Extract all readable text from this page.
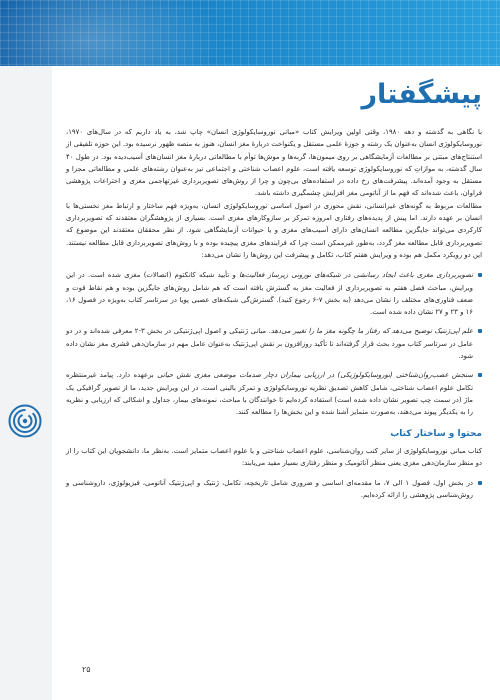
پیشگفتار

با نگاهی به گذشته و دهه ۱۹۸۰، وقتی اولین ویرایش کتاب «مبانی نوروسایکولوژی انسان» چاپ شد، به یاد داریم که در سال‌های ۱۹۷۰، نوروسایکولوژی انسان به‌عنوان یک رشته و حوزهٔ علمی مستقل و یکنواخت دربارهٔ مغز انسان، هنوز به منصه ظهور نرسیده بود. این حوزه تلفیقی از استنتاج‌های مبتنی بر مطالعات آزمایشگاهی بر روی میمون‌ها، گربه‌ها و موش‌ها توأم با مطالعاتی دربارهٔ مغز انسان‌های آسیب‌دیده بود. در طول ۴۰ سال گذشته، به موازاتِ که نوروسایکولوژی توسعه یافته است، علوم اعصاب شناختی و اجتماعی نیز به‌عنوان رشته‌های علمی و مطالعاتی مجزا و مستقل به وجود آمده‌اند. پیشرفت‌های رخ داده در استفاده‌های بی‌چون و چرا از روش‌های تصویربرداری غیرتهاجمی مغزی و اختراعات پژوهشی فراوان، باعث شده‌اند که فهم ما از آناتومی مغز افزایش چشمگیری داشته باشد.

مطالعات مربوط به گونه‌های غیرانسانی، نقش محوری در اصول اساسی نوروسایکولوژی انسان، به‌ویژه فهم ساختار و ارتباط مغز نخستی‌ها با انسان بر عهده دارند. اما پیش از پدیده‌های رفتاری امروزه تمرکز بر سازوکارهای مغزی است. بسیاری از پژوهشگران معتقدند که تصویربرداری کارکردی می‌تواند جایگزین مطالعه انسان‌های دارای آسیب‌های مغزی و یا حیوانات آزمایشگاهی شود. از نظر محققان معتقدند این موضوع که تصویربرداری قابل مطالعه مغز گردد، به‌طور غیرممکن است چرا که فرایندهای مغزی پیچیده بوده و با روش‌های تصویربرداری قابل مطالعه نیستند. این دو رویکرد مکمل هم بوده و ویرایش هفتم کتاب، تکامل و پیشرفت این روش‌ها را نشان می‌دهد:

تصویربرداری مغزی باعث ایجاد رسانشی در شبکه‌های نورونی زیرساز فعالیت‌ها و تأیید شبکه کانکتوم (اتصالات) مغزی شده است. در این ویرایش، مباحث فصل هفتم به تصویربرداری از فعالیت مغز به گسترش یافته است که هم شامل روش‌های جایگزین بوده و هم نقاط قوت و ضعف فناوری‌های مختلف را نشان می‌دهد (به بخش ۷-۶ رجوع کنید). گسترش‌گی شبکه‌های عصبی پویا در سرتاسر کتاب به‌ویژه در فصول ۱۶، ۱۶ و ۲۳ و ۲۷ نشان داده شده است.
علم اپی‌ژنتیک توضیح می‌دهد که رفتار ما چگونه مغز ما را تغییر می‌دهد. مبانی ژنتیکی و اصول اپی‌ژنتیکی در بخش ۳-۲ معرفی شده‌اند و در دو عامل در سرتاسر کتاب مورد بحث قرار گرفته‌اند تا تأکید روزافزون بر نقش اپی‌ژنتیک به‌عنوان عامل مهم در سازمان‌دهی قشری مغز نشان داده شود.
سنجش عصب‌روان‌شناختی (نوروسایکولوژیکی) در ارزیابی بیماران دچار صدمات موضعی مغزی نقش حیاتی برعهده دارد. پیامد غیرمنتظره تکامل علوم اعصاب شناختی، شامل کاهش تصدیق نظریه نوروسایکولوژی و تمرکز بالینی است. در این ویرایش جدید، ما از تصویر گرافیکی یک ماژ (در سمت چپ تصویر نشان داده شده است) استفاده کرده‌ایم تا خوانندگان با مباحث، نمونه‌های بیمار، جداول و اشکالی که ارزیابی و نظریه را به یکدیگر پیوند می‌دهند، به‌صورت متمایز آشنا شده و این بخش‌ها را مطالعه کنند.
محتوا و ساختار کتاب

کتاب مبانی نوروسایکولوژی از سایر کتب روان‌شناسی، علوم اعصاب شناختی و یا علوم اعصاب متمایز است. به‌نظر ما، دانشجویان این کتاب را از دو منظر سازمان‌دهی مغزی یعنی منظر آناتومیک و منظر رفتاری بسیار مفید می‌یابند:

در بخش اول، فصول ۱ الی ۷، ما مقدمه‌ای اساسی و ضروری شامل تاریخچه، تکامل، ژنتیک و اپی‌ژنتیک آناتومی، فیزیولوژی، دارو‌شناسی و روش‌شناسی پژوهشی را ارائه کرده‌ایم.
۲۵
